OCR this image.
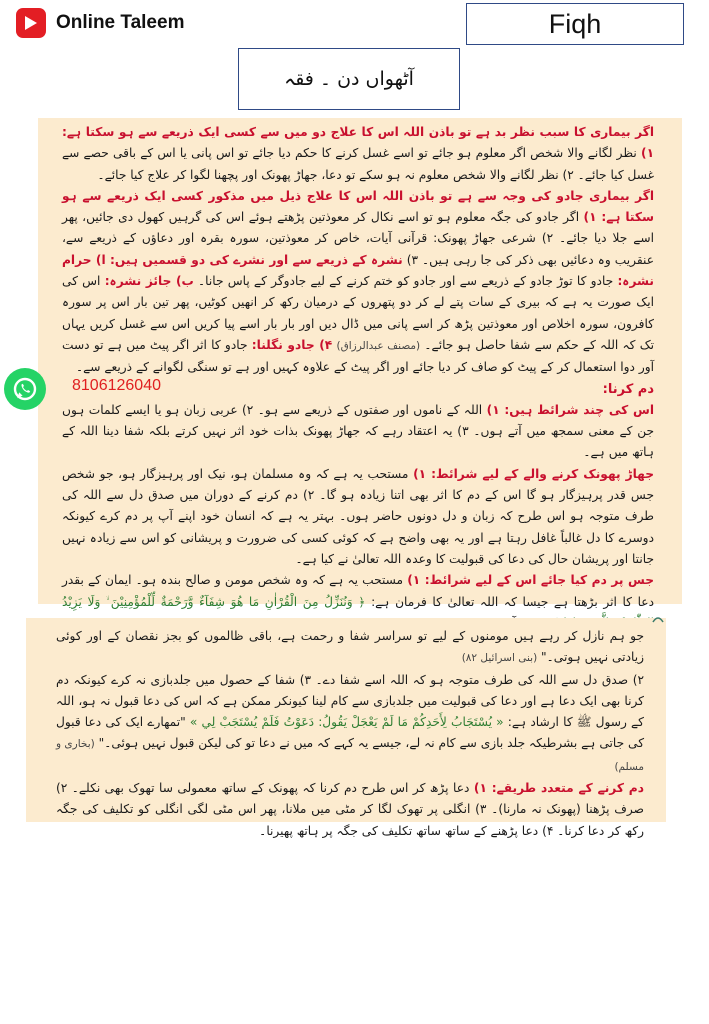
Online Taleem	Fiqh
آٹھواں دن ۔ فقہ

اگر بیماری کا سبب نظر بد ہے تو باذن اللہ اس کا علاج دو میں سے کسی ایک ذریعے سے ہو سکتا ہے: ۱) نظر لگانے والا شخص اگر معلوم ہو جائے تو اسے غسل کرنے کا حکم دیا جائے تو اس پانی یا اس کے باقی حصے سے غسل کیا جائے۔ ۲) نظر لگانے والا شخص معلوم نہ ہو سکے تو دعا، جھاڑ پھونک اور پچھنا لگوا کر علاج کیا جائے۔

اگر بیماری جادو کی وجہ سے ہے تو باذن اللہ اس کا علاج ذیل میں مذکور کسی ایک ذریعے سے ہو سکتا ہے: ۱) اگر جادو کی جگہ معلوم ہو تو اسے نکال کر معوذتین پڑھتے ہوئے اس کی گرہیں کھول دی جائیں، پھر اسے جلا دیا جائے۔ ۲) شرعی جھاڑ پھونک: قرآنی آیات، خاص کر معوذتین، سورہ بقرہ اور دعاؤں کے ذریعے سے، عنقریب وہ دعائیں بھی ذکر کی جا رہی ہیں۔ ۳) نشرہ کے ذریعے سے اور نشرے کی دو قسمیں ہیں: ا) حرام نشرہ: جادو کا توڑ جادو کے ذریعے سے اور جادو کو ختم کرنے کے لیے جادوگر کے پاس جانا۔ ب) جائز نشرہ: اس کی ایک صورت یہ ہے کہ بیری کے سات پتے لے کر دو پتھروں کے درمیان رکھ کر انھیں کوٹیں، پھر تین بار اس پر سورہ کافرون، سورہ اخلاص اور معوذتین پڑھ کر اسے پانی میں ڈال دیں اور بار بار اسے پیا کریں اس سے غسل کریں یہاں تک کہ اللہ کے حکم سے شفا حاصل ہو جائے۔ (مصنف عبدالرزاق) ۴) جادو نگلنا: جادو کا اثر اگر پیٹ میں ہے تو دست آور دوا استعمال کر کے پیٹ کو صاف کر دیا جائے اور اگر پیٹ کے علاوہ کہیں اور ہے تو سنگی لگوانے کے ذریعے سے۔

دم کرنا:

اس کی چند شرائط ہیں: ۱) اللہ کے ناموں اور صفتوں کے ذریعے سے ہو۔ ۲) عربی زبان ہو یا ایسے کلمات ہوں جن کے معنی سمجھ میں آتے ہوں۔ ۳) یہ اعتقاد رہے کہ جھاڑ پھونک بذات خود اثر نہیں کرتے بلکہ شفا دینا اللہ کے ہاتھ میں ہے۔

جھاڑ پھونک کرنے والے کے لیے شرائط: ۱) مستحب یہ ہے کہ وہ مسلمان ہو، نیک اور پرہیزگار ہو، جو شخص جس قدر پرہیزگار ہو گا اس کے دم کا اثر بھی اتنا زیادہ ہو گا۔ ۲) دم کرنے کے دوران میں صدق دل سے اللہ کی طرف متوجہ ہو اس طرح کہ زبان و دل دونوں حاضر ہوں۔ بہتر یہ ہے کہ انسان خود اپنے آپ پر دم کرے کیونکہ دوسرے کا دل غالباً غافل رہتا ہے اور یہ بھی واضح ہے کہ کوئی کسی کی ضرورت و پریشانی کو اس سے زیادہ نہیں جانتا اور پریشان حال کی دعا کی قبولیت کا وعدہ اللہ تعالیٰ نے کیا ہے۔

جس پر دم کیا جائے اس کے لیے شرائط: ۱) مستحب یہ ہے کہ وہ شخص مومن و صالح بندہ ہو۔ ایمان کے بقدر دعا کا اثر بڑھتا ہے جیسا کہ اللہ تعالیٰ کا فرمان ہے: ﴿ وَنُنَزِّلُ مِنَ الْقُرْاٰنِ مَا هُوَ شِفَآءٌ وَّرَحْمَةٌ لِّلْمُؤْمِنِيْنَ ۙ وَلَا يَزِيْدُ

جو ہم نازل کر رہے ہیں مومنوں کے لیے تو سراسر شفا و رحمت ہے، باقی ظالموں کو بجز نقصان کے اور کوئی زیادتی نہیں ہوتی۔" (بنی اسرائیل ۸۲)

۲) صدق دل سے اللہ کی طرف متوجہ ہو کہ اللہ اسے شفا دے۔ ۳) شفا کے حصول میں جلدبازی نہ کرے کیونکہ دم کرنا بھی ایک دعا ہے اور دعا کی قبولیت میں جلدبازی سے کام لینا کیونکر ممکن ہے کہ اس کی دعا قبول نہ ہو، اللہ کے رسول ﷺ کا ارشاد ہے: « يُسْتَجَابُ لِأَحَدِكُمْ مَا لَمْ يَعْجَلْ يَقُولُ: دَعَوْتُ فَلَمْ يُسْتَجَبْ لِي » "تمھارے ایک کی دعا قبول کی جاتی ہے بشرطیکہ جلد بازی سے کام نہ لے، جیسے یہ کہے کہ میں نے دعا تو کی لیکن قبول نہیں ہوئی۔" (بخاری و مسلم)

دم کرنے کے متعدد طریقے: ۱) دعا پڑھ کر اس طرح دم کرنا کہ پھونک کے ساتھ معمولی سا تھوک بھی نکلے۔ ۲) صرف پڑھنا (پھونک نہ مارنا)۔ ۳) انگلی پر تھوک لگا کر مٹی میں ملانا، پھر اس مٹی لگی انگلی کو تکلیف کی جگہ رکھ کر دعا کرنا۔ ۴) دعا پڑھنے کے ساتھ ساتھ تکلیف کی جگہ پر ہاتھ پھیرنا۔

8106126040
